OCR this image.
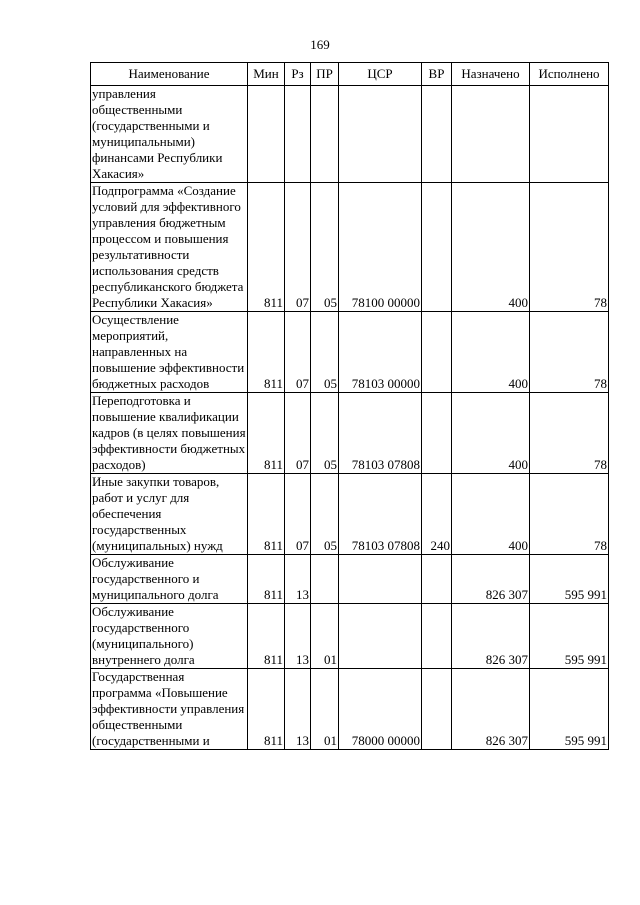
169
Наименование	Мин	Рз	ПР	ЦСР	ВР	Назначено	Исполнено
управления общественными (государственными и муниципальными) финансами Республики Хакасия»							
Подпрограмма «Создание условий для эффективного управления бюджетным процессом и повышения результативности использования средств республиканского бюджета Республики Хакасия»	811	07	05	78100 00000		400	78
Осуществление мероприятий, направленных на повышение эффективности бюджетных расходов	811	07	05	78103 00000		400	78
Переподготовка и повышение квалификации кадров (в целях повышения эффективности бюджетных расходов)	811	07	05	78103 07808		400	78
Иные закупки товаров, работ и услуг для обеспечения государственных (муниципальных) нужд	811	07	05	78103 07808	240	400	78
Обслуживание государственного и муниципального долга	811	13				826 307	595 991
Обслуживание государственного (муниципального) внутреннего долга	811	13	01			826 307	595 991
Государственная программа «Повышение эффективности управления общественными (государственными и	811	13	01	78000 00000		826 307	595 991
